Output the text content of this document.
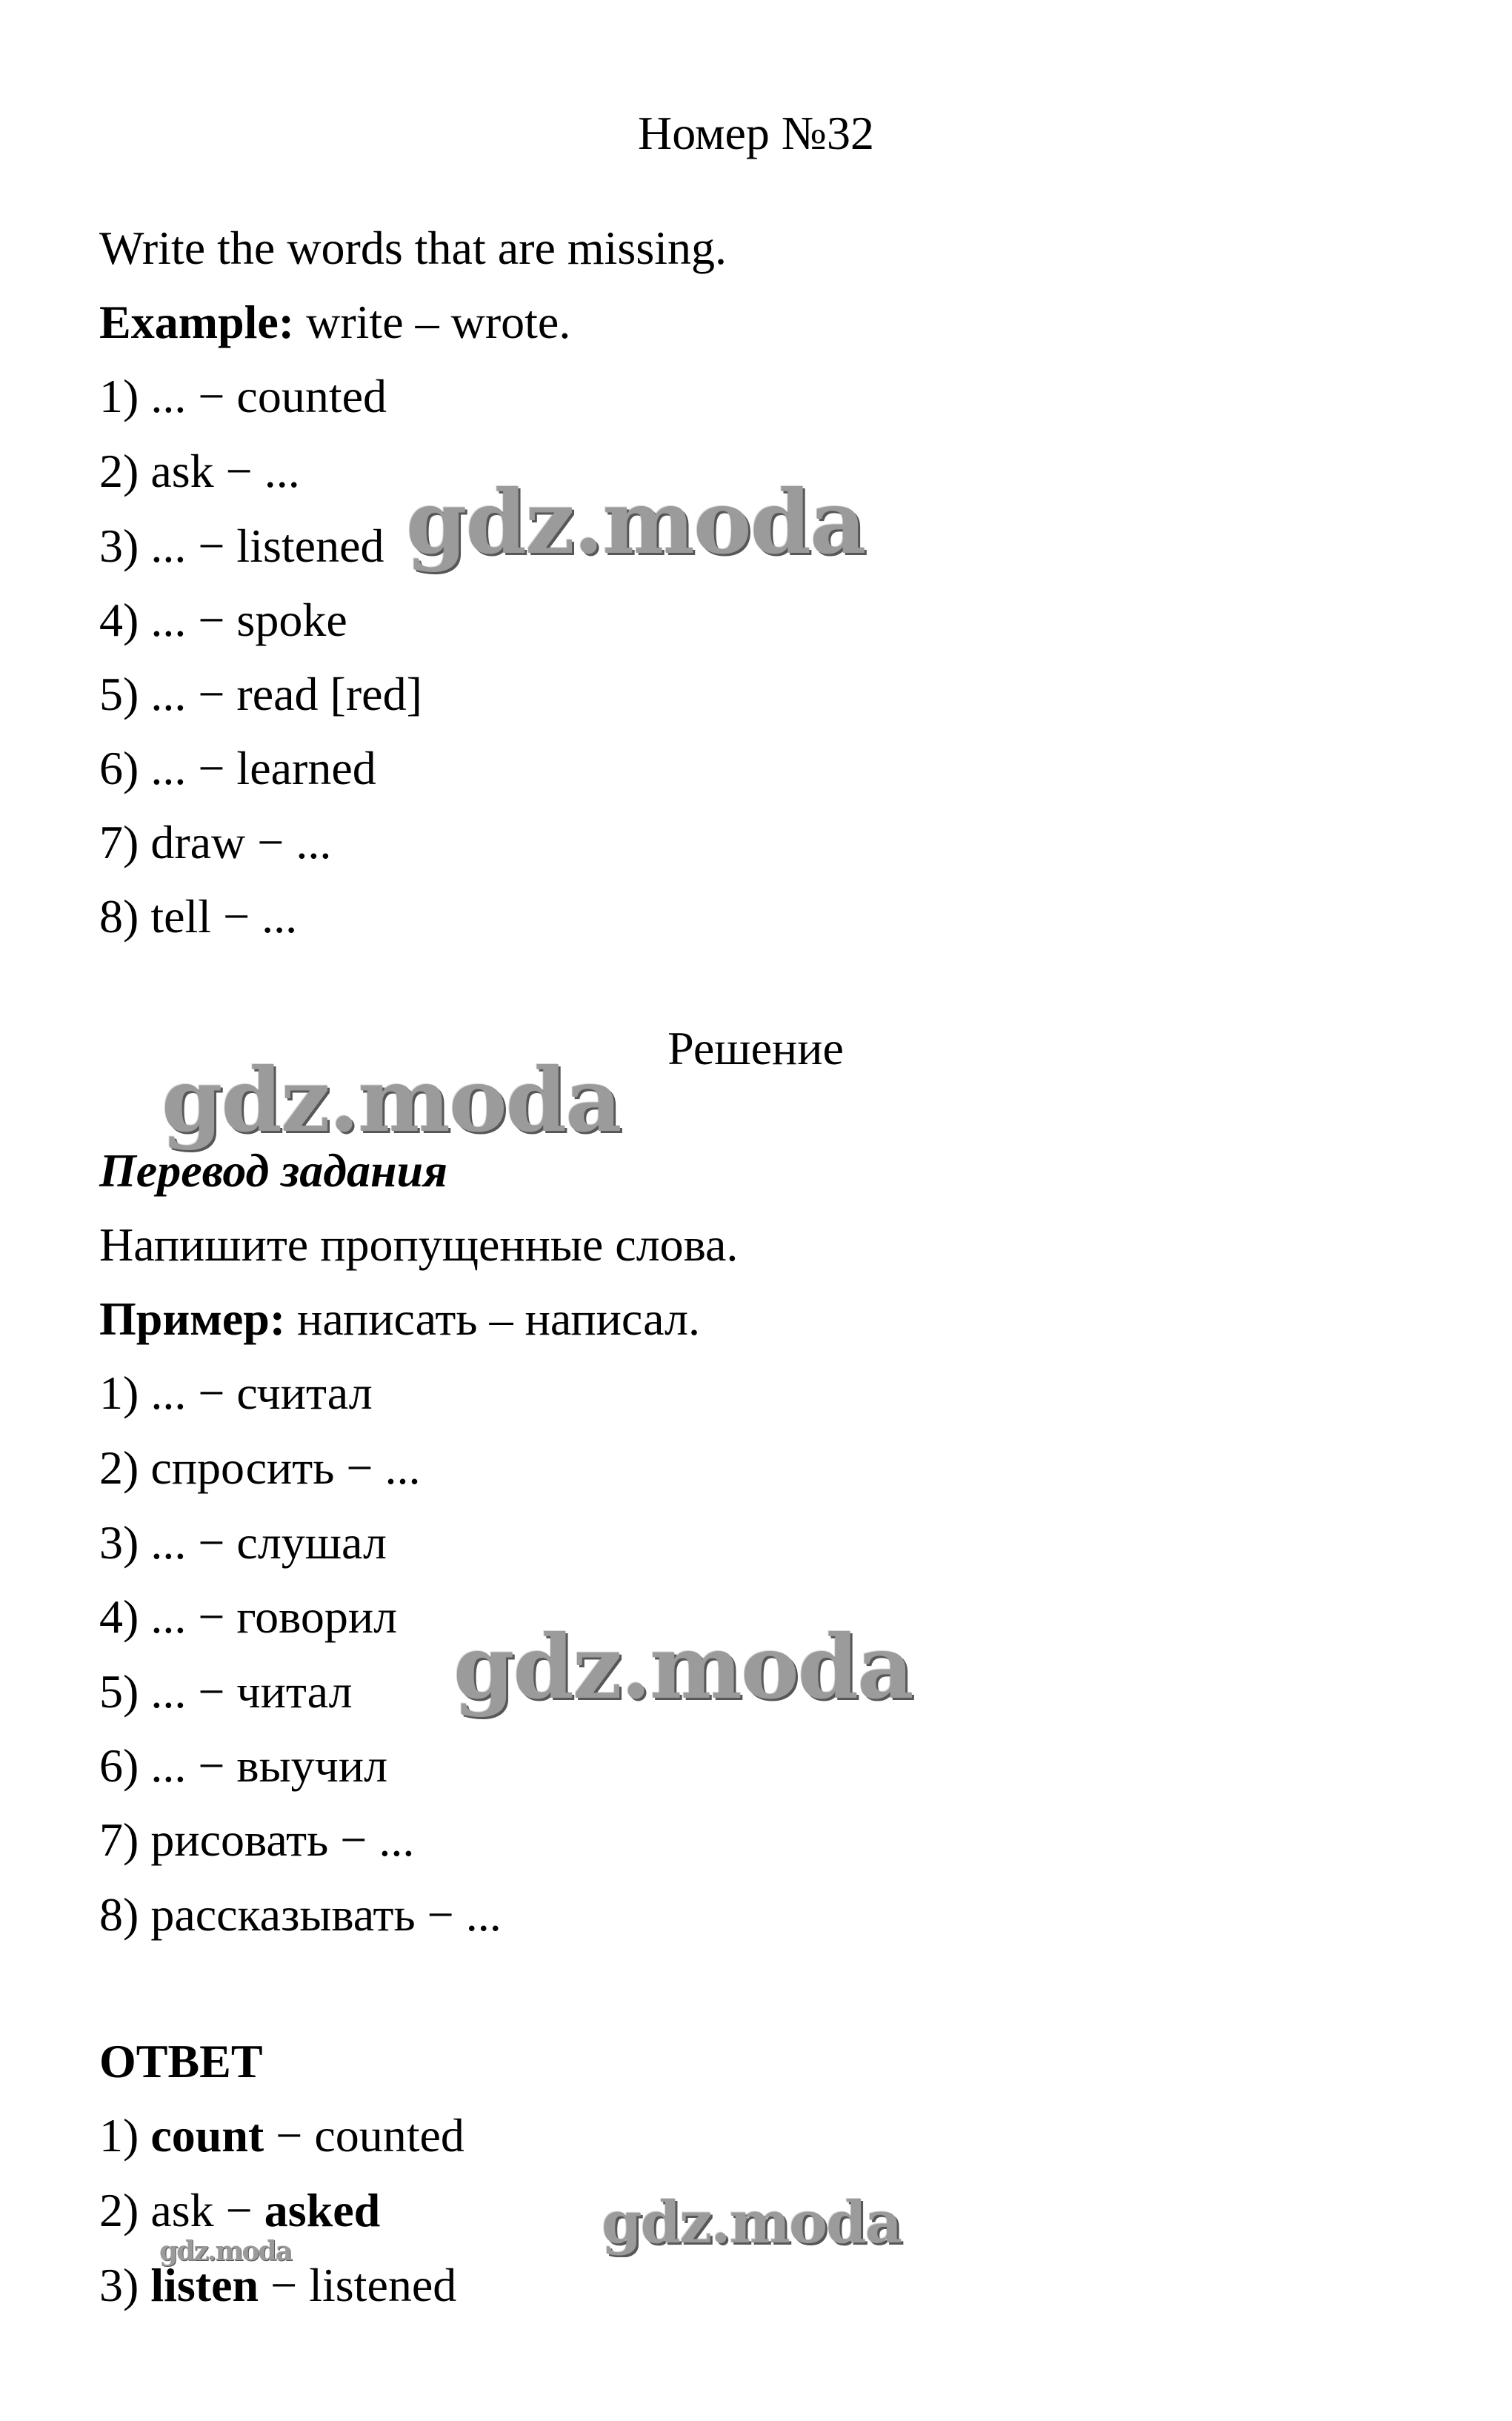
Номер №32
Write the words that are missing.
Example: write – wrote.
1) ... − counted
2) ask − ...
3) ... − listened
4) ... − spoke
5) ... − read [red]
6) ... − learned
7) draw − ...
8) tell − ...
Решение
Перевод задания
Напишите пропущенные слова.
Пример: написать – написал.
1) ... − считал
2) спросить − ...
3) ... − слушал
4) ... − говорил
5) ... − читал
6) ... − выучил
7) рисовать − ...
8) рассказывать − ...
ОТВЕТ
1) count − counted
2) ask − asked
3) listen − listened
gdz.moda
gdz.moda
gdz.moda
gdz.moda
gdz.moda
